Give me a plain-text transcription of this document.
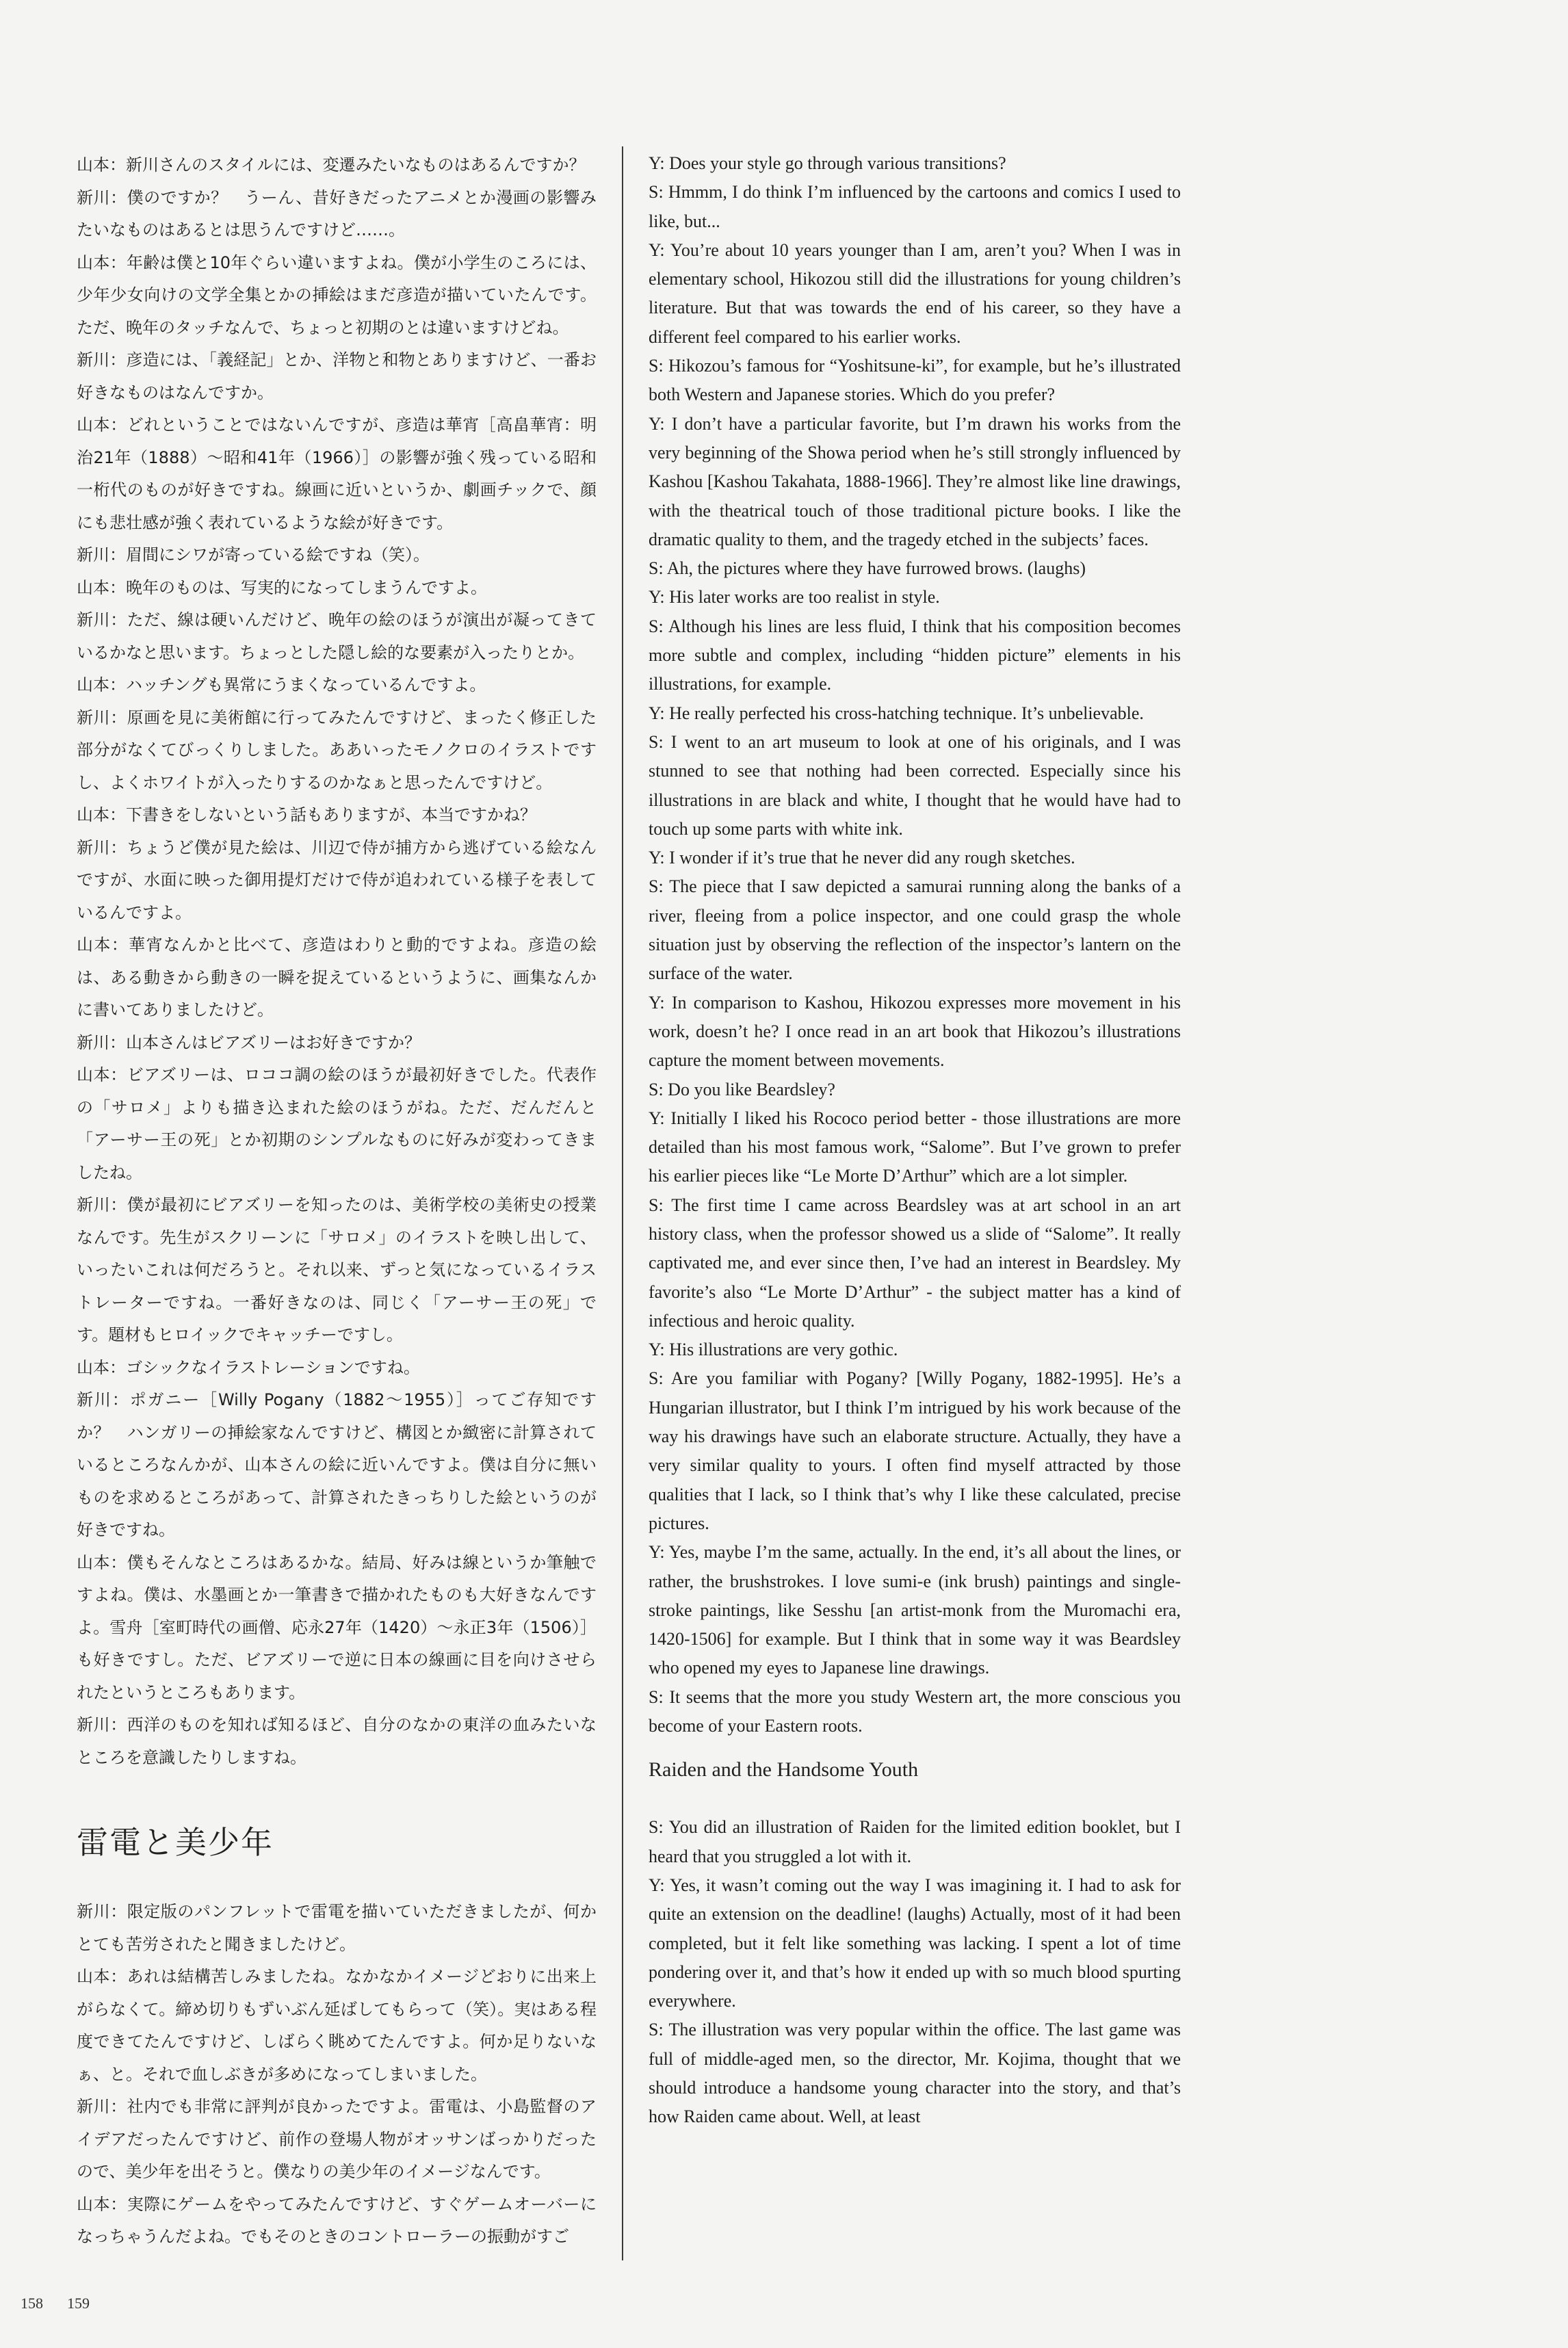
山本：新川さんのスタイルには、変遷みたいなものはあるんですか？

新川：僕のですか？　うーん、昔好きだったアニメとか漫画の影響みたいなものはあるとは思うんですけど……。

山本：年齢は僕と10年ぐらい違いますよね。僕が小学生のころには、少年少女向けの文学全集とかの挿絵はまだ彦造が描いていたんです。ただ、晩年のタッチなんで、ちょっと初期のとは違いますけどね。

新川：彦造には、「義経記」とか、洋物と和物とありますけど、一番お好きなものはなんですか。

山本：どれということではないんですが、彦造は華宵［高畠華宵：明治21年（1888）～昭和41年（1966）］の影響が強く残っている昭和一桁代のものが好きですね。線画に近いというか、劇画チックで、顔にも悲壮感が強く表れているような絵が好きです。

新川：眉間にシワが寄っている絵ですね（笑）。

山本：晩年のものは、写実的になってしまうんですよ。

新川：ただ、線は硬いんだけど、晩年の絵のほうが演出が凝ってきているかなと思います。ちょっとした隠し絵的な要素が入ったりとか。

山本：ハッチングも異常にうまくなっているんですよ。

新川：原画を見に美術館に行ってみたんですけど、まったく修正した部分がなくてびっくりしました。ああいったモノクロのイラストですし、よくホワイトが入ったりするのかなぁと思ったんですけど。

山本：下書きをしないという話もありますが、本当ですかね？

新川：ちょうど僕が見た絵は、川辺で侍が捕方から逃げている絵なんですが、水面に映った御用提灯だけで侍が追われている様子を表しているんですよ。

山本：華宵なんかと比べて、彦造はわりと動的ですよね。彦造の絵は、ある動きから動きの一瞬を捉えているというように、画集なんかに書いてありましたけど。

新川：山本さんはビアズリーはお好きですか？

山本：ビアズリーは、ロココ調の絵のほうが最初好きでした。代表作の「サロメ」よりも描き込まれた絵のほうがね。ただ、だんだんと「アーサー王の死」とか初期のシンプルなものに好みが変わってきましたね。

新川：僕が最初にビアズリーを知ったのは、美術学校の美術史の授業なんです。先生がスクリーンに「サロメ」のイラストを映し出して、いったいこれは何だろうと。それ以来、ずっと気になっているイラストレーターですね。一番好きなのは、同じく「アーサー王の死」です。題材もヒロイックでキャッチーですし。

山本：ゴシックなイラストレーションですね。

新川：ポガニー［Willy Pogany（1882～1955）］ってご存知ですか？　ハンガリーの挿絵家なんですけど、構図とか緻密に計算されているところなんかが、山本さんの絵に近いんですよ。僕は自分に無いものを求めるところがあって、計算されたきっちりした絵というのが好きですね。

山本：僕もそんなところはあるかな。結局、好みは線というか筆触ですよね。僕は、水墨画とか一筆書きで描かれたものも大好きなんですよ。雪舟［室町時代の画僧、応永27年（1420）～永正3年（1506）］も好きですし。ただ、ビアズリーで逆に日本の線画に目を向けさせられたというところもあります。

新川：西洋のものを知れば知るほど、自分のなかの東洋の血みたいなところを意識したりしますね。

雷電と美少年

新川：限定版のパンフレットで雷電を描いていただきましたが、何かとても苦労されたと聞きましたけど。

山本：あれは結構苦しみましたね。なかなかイメージどおりに出来上がらなくて。締め切りもずいぶん延ばしてもらって（笑）。実はある程度できてたんですけど、しばらく眺めてたんですよ。何か足りないなぁ、と。それで血しぶきが多めになってしまいました。

新川：社内でも非常に評判が良かったですよ。雷電は、小島監督のアイデアだったんですけど、前作の登場人物がオッサンばっかりだったので、美少年を出そうと。僕なりの美少年のイメージなんです。

山本：実際にゲームをやってみたんですけど、すぐゲームオーバーになっちゃうんだよね。でもそのときのコントローラーの振動がすご

Y: Does your style go through various transitions?

S: Hmmm, I do think I’m influenced by the cartoons and comics I used to like, but...

Y: You’re about 10 years younger than I am, aren’t you? When I was in elementary school, Hikozou still did the illustrations for young children’s literature. But that was towards the end of his career, so they have a different feel compared to his earlier works.

S: Hikozou’s famous for “Yoshitsune-ki”, for example, but he’s illustrated both Western and Japanese stories. Which do you prefer?

Y: I don’t have a particular favorite, but I’m drawn his works from the very beginning of the Showa period when he’s still strongly influenced by Kashou [Kashou Takahata, 1888-1966]. They’re almost like line drawings, with the theatrical touch of those traditional picture books. I like the dramatic quality to them, and the tragedy etched in the subjects’ faces.

S: Ah, the pictures where they have furrowed brows. (laughs)

Y: His later works are too realist in style.

S: Although his lines are less fluid, I think that his composition becomes more subtle and complex, including “hidden picture” elements in his illustrations, for example.

Y: He really perfected his cross-hatching technique. It’s unbelievable.

S: I went to an art museum to look at one of his originals, and I was stunned to see that nothing had been corrected. Especially since his illustrations in are black and white, I thought that he would have had to touch up some parts with white ink.

Y: I wonder if it’s true that he never did any rough sketches.

S: The piece that I saw depicted a samurai running along the banks of a river, fleeing from a police inspector, and one could grasp the whole situation just by observing the reflection of the inspector’s lantern on the surface of the water.

Y: In comparison to Kashou, Hikozou expresses more movement in his work, doesn’t he? I once read in an art book that Hikozou’s illustrations capture the moment between movements.

S: Do you like Beardsley?

Y: Initially I liked his Rococo period better - those illustrations are more detailed than his most famous work, “Salome”. But I’ve grown to prefer his earlier pieces like “Le Morte D’Arthur” which are a lot simpler.

S: The first time I came across Beardsley was at art school in an art history class, when the professor showed us a slide of “Salome”. It really captivated me, and ever since then, I’ve had an interest in Beardsley. My favorite’s also “Le Morte D’Arthur” - the subject matter has a kind of infectious and heroic quality.

Y: His illustrations are very gothic.

S: Are you familiar with Pogany? [Willy Pogany, 1882-1995]. He’s a Hungarian illustrator, but I think I’m intrigued by his work because of the way his drawings have such an elaborate structure. Actually, they have a very similar quality to yours. I often find myself attracted by those qualities that I lack, so I think that’s why I like these calculated, precise pictures.

Y: Yes, maybe I’m the same, actually. In the end, it’s all about the lines, or rather, the brushstrokes. I love sumi-e (ink brush) paintings and single-stroke paintings, like Sesshu [an artist-monk from the Muromachi era, 1420-1506] for example. But I think that in some way it was Beardsley who opened my eyes to Japanese line drawings.

S: It seems that the more you study Western art, the more conscious you become of your Eastern roots.

Raiden and the Handsome Youth

S: You did an illustration of Raiden for the limited edition booklet, but I heard that you struggled a lot with it.

Y: Yes, it wasn’t coming out the way I was imagining it. I had to ask for quite an extension on the deadline! (laughs) Actually, most of it had been completed, but it felt like something was lacking. I spent a lot of time pondering over it, and that’s how it ended up with so much blood spurting everywhere.

S: The illustration was very popular within the office. The last game was full of middle-aged men, so the director, Mr. Kojima, thought that we should introduce a handsome young character into the story, and that’s how Raiden came about. Well, at least

158 159
